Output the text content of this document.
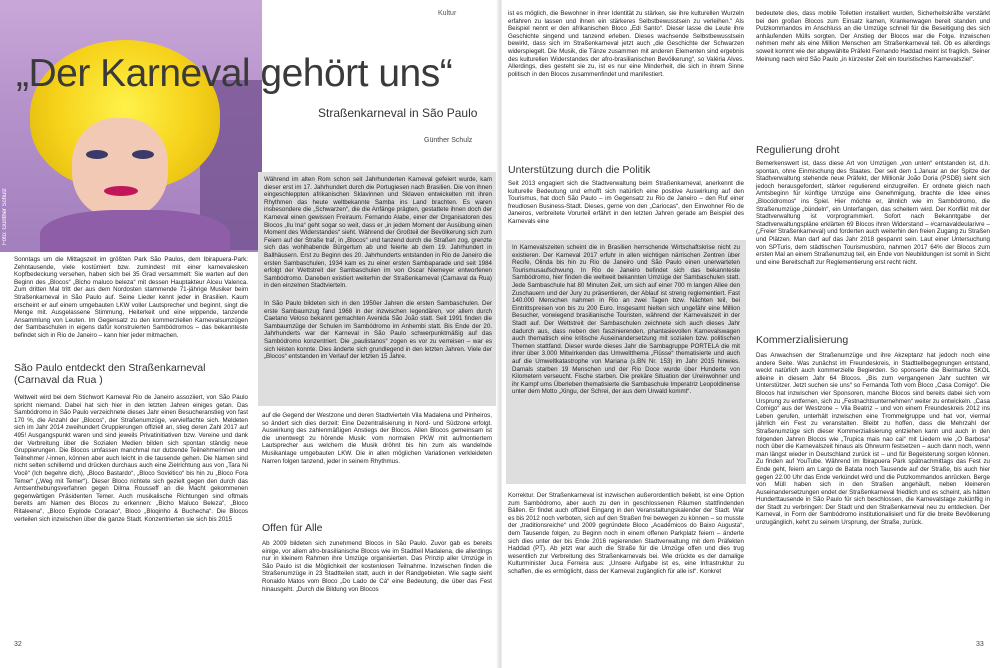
Foto: Günther Schulz
Kultur
„Der Karneval gehört uns“
Straßenkarneval in São Paulo
Günther Schulz

Sonntags um die Mittagszeit im größten Park São Paulos, dem Ibirapuera-Park: Zehntausende, viele kostümiert bzw. zumindest mit einer karnevalesken Kopfbedeckung versehen, haben sich bei 35 Grad versammelt: Sie warten auf den Beginn des „Blocos“ „Bicho maluco beleza“ mit dessen Hauptakteur Alceu Valenca. Zum dritten Mal tritt der aus dem Nordosten stammende 71-jährige Musiker beim Straßenkarneval in São Paulo auf. Seine Lieder kennt jeder in Brasilien. Kaum erscheint er auf einem umgebauten LKW voller Lautsprecher und beginnt, singt die Menge mit. Ausgelassene Stimmung, Heiterkeit und eine wippende, tanzende Ansammlung von Leuten. Im Gegensatz zu den kommerziellen Karnevalsumzügen der Sambaschulen in eigens dafür konstruierten Sambódromos – das bekannteste befindet sich in Rio de Janeiro – kann hier jeder mitmachen.

São Paulo entdeckt den Straßenkarneval (Carnaval da Rua )

Weltweit wird bei dem Stichwort Karneval Rio de Janeiro assoziiert, von São Paulo spricht niemand. Dabei hat sich hier in den letzten Jahren einiges getan. Das Sambódromo in São Paulo verzeichnete dieses Jahr einen Besucheranstieg von fast 170 %, die Anzahl der „Blocos“, der Straßenumzüge, vervielfachte sich. Meldeten sich im Jahr 2014 zweihundert Gruppierungen offiziell an, stieg deren Zahl 2017 auf 495! Ausgangspunkt waren und sind jeweils Privatinitiativen bzw. Vereine und dank der Verbreitung über die Sozialen Medien bilden sich spontan ständig neue Gruppierungen. Die Blocos umfassen manchmal nur dutzende Teilnehmerinnen und Teilnehmer /-innen, können aber auch leicht in die tausende gehen. Die Namen sind nicht selten schillernd und drücken durchaus auch eine Zielrichtung aus von „Tara Ni Você“ (Ich begehre dich), „Bloco Bastardo“, „Bloco Soviético“ bis hin zu „Bloco Fora Temer“ („Weg mit Temer“). Dieser Bloco richtete sich gezielt gegen den durch das Amtsenthebungsverfahren gegen Dilma Rousseff an die Macht gekommenen gegenwärtigen Präsidenten Temer. Auch musikalische Richtungen sind oftmals bereits am Namen des Blocos zu erkennen: „Bicho Maluco Beleza“, „Bloco Ritaleena“, „Bloco Explode Coracao“, Bloco „Bloqinho & Buchecha“. Die Blocos verteilen sich inzwischen über die ganze Stadt. Konzentrierten sie sich bis 2015

Während im alten Rom schon seit Jahrhunderten Karneval gefeiert wurde, kam dieser erst im 17. Jahrhundert durch die Portugiesen nach Brasilien. Die von ihnen eingeschleppten afrikanischen Sklavinnen und Sklaven entwickelten mit ihren Rhythmen das heute weltbekannte Samba ins Land brachten. Es waren insbesondere die „Schwarzen“, die die Anfänge prägten, gestattete ihnen doch der Karneval einen gewissen Freiraum. Fernando Alabe, einer der Organisatoren des Blocos „Ilu Ina“ geht sogar so weit, dass er „in jedem Moment der Ausübung einen Moment des Widerstandes“ sieht. Während der Großteil der Bevölkerung sich zum Feiern auf der Straße traf, in „Blocos“ und tanzend durch die Straßen zog, grenzte sich das wohlhabende Bürgertum ab und feierte ab dem 19. Jahrhundert in Ballhäusern. Erst zu Beginn des 20. Jahrhunderts entstanden in Rio de Janeiro die ersten Sambaschulen, 1934 kam es zu einer ersten Sambaparade und seit 1984 erfolgt der Wettstreit der Sambaschulen im von Oscar Niemeyer entworfenen Sambódromo. Daneben existiert weiterhin der Straßenkarneval (Carnaval da Rua) in den einzelnen Stadtvierteln.

In São Paulo bildeten sich in den 1950er Jahren die ersten Sambaschulen. Der erste Sambaumzug fand 1968 in der inzwischen legendären, vor allem durch Caetano Veloso bekannt gemachten Avenida São João statt. Seit 1991 finden die Sambaumzüge der Schulen im Sambódromo im Anhembi statt. Bis Ende der 20. Jahrhunderts war der Karneval in São Paulo schwerpunktmäßig auf das Sambódromo konzentriert. Die „paulistanos“ zogen es vor zu verreisen – war es sich leisten konnte. Dies änderte sich grundlegend in den letzten Jahren. Viele der „Blocos“ entstanden im Verlauf der letzten 15 Jahre.

auf die Gegend der Westzone und deren Stadtvierteln Vila Madalena und Pinheiros, so ändert sich dies derzeit: Eine Dezentralisierung in Nord- und Südzone erfolgt. Auswirkung des zahlenmäßigen Anstiegs der Blocos. Allen Blocos gemeinsam ist die unentwegt zu hörende Musik: vom normalen PKW mit aufmontiertem Lautsprecher aus welchem die Musik dröhnt bis hin zum als wandelnde Musikanlage umgebauten LKW. Die in allen möglichen Variationen verkleideten Narren folgen tanzend, jeder in seinem Rhythmus.

Offen für Alle

Ab 2009 bildeten sich zunehmend Blocos in São Paulo. Zuvor gab es bereits einige, vor allem afro-brasilianische Blocos wie im Stadtteil Madalena, die allerdings nur in kleinem Rahmen ihre Umzüge organisierten. Das Prinzip aller Umzüge in São Paulo ist die Möglichkeit der kostenlosen Teilnahme. Inzwischen finden die Straßenumzüge in 23 Stadtteilen statt, auch in der Randgebieten. Wie sagte sieht Ronaldo Matos vom Bloco „Do Lado de Cá“ eine Bedeutung, die über das Fest hinausgeht. „Durch die Bildung von Blocos

32

ist es möglich, die Bewohner in ihrer Identität zu stärken, sie ihre kulturellen Wurzeln erfahren zu lassen und ihnen ein stärkeres Selbstbewusstsein zu verleihen.“ Als Beispiel nennt er den afrikanischen Bloco „Edi Santo“. Dieser lasse die Leute ihre Geschichte singend und tanzend erleben. Dieses wachsende Selbstbewusstsein bewirkt, dass sich im Straßenkarneval jetzt auch „die Geschichte der Schwarzen widerspiegelt. Die Musik, die Tänze zusammen mit anderen Elementen sind ergebnis des kulturellen Widerstandes der afro-brasilianischen Bevölkerung“, so Valéria Alves. Allerdings, dies gesteht sie zu, ist es nur eine Minderheit, die sich in ihrem Sinne politisch in den Blocos zusammenfindet und manifestiert.

Unterstützung durch die Politik

Seit 2013 engagiert sich die Stadtverwaltung beim Straßenkarneval, anerkennt die kulturelle Bedeutung und erhofft sich natürlich eine positive Auswirkung auf den Tourismus, hat doch São Paulo – im Gegensatz zu Rio de Janeiro – den Ruf einer freudlosen Business-Stadt. Dieses, gerne von den „Cariocas“, den Einwohner Rio de Janeiros, verbreitete Vorurteil erfährt in den letzten Jahren gerade am Beispiel des Karnevals eine

In Karnevalszeiten scheint die in Brasilien herrschende Wirtschaftskrise nicht zu existieren. Der Karneval 2017 erfuhr in allen wichtigen närrischen Zentren über Recife, Olinda bis hin zu Rio de Janeiro und São Paulo einen unerwarteten Tourismusaufschwung. In Rio de Janeiro befindet sich das bekannteste Sambódromo, hier finden die weltweit bekannten Umzüge der Sambaschulen statt. Jede Sambaschule hat 80 Minuten Zeit, um sich auf einer 700 m langen Allee den Zuschauern und der Jury zu präsentieren, der Ablauf ist streng reglementiert. Fast 140.000 Menschen nahmen in Rio an zwei Tagen bzw. Nächten teil, bei Eintrittspreisen von bis zu 200 Euro. Insgesamt hielten sich ungefähr eine Million Besucher, vorwiegend brasilianische Touristen, während der Karnevalszeit in der Stadt auf. Der Wettstreit der Sambaschulen zeichnete sich auch dieses Jahr dadurch aus, dass neben den faszinierenden, phantasievollen Karnevalswagen auch thematisch eine kritische Auseinandersetzung mit sozialen bzw. politischen Themen stattfand. Dieser wurde dieses Jahr die Sambagruppe PORTELA die mit ihrer über 3.000 Mitwirkenden das Umweltthema „Flüsse“ thematisierte und auch auf die Umweltkatastrophe von Mariana (s.BN Nr. 153) im Jahr 2015 hinwies. Damals starben 19 Menschen und der Rio Doce wurde über Hunderte von Kilometern verseucht. Fische starben. Die prekäre Situation der Ureinwohner und ihr Kampf ums Überleben thematisierte die Sambaschule Imperatriz Leopoldinense unter dem Motto „Xingu, der Schrei, der aus dem Urwald kommt“.

Korrektur. Der Straßenkarneval ist inzwischen außerordentlich beliebt, ist eine Option zum Sambódromo, aber auch zu den in geschlossenen Räumen stattfindenden Bällen. Er findet auch offiziell Eingang in den Veranstaltungskalender der Stadt. War es bis 2012 noch verboten, sich auf den Straßen frei bewegen zu können – so musste der „traditionsreiche“ und 2009 gegründete Bloco „Acadêmicos do Baixo Augusta“, dem Tausende folgen, zu Beginn noch in einem offenen Parkplatz feiern – änderte sich dies unter der bis Ende 2016 regierenden Stadtverwaltung mit dem Präfekten Haddad (PT). Ab jetzt war auch die Straße für die Umzüge offen und dies trug wesentlich zur Verbreitung des Straßenkarnevals bei. Wie drückte es der damalige Kulturminister Juca Ferreira aus: „Unsere Aufgabe ist es, eine Infrastruktur zu schaffen, die es ermöglicht, dass der Karneval zugänglich für alle ist“. Konkret

bedeutete dies, dass mobile Toiletten installiert wurden, Sicherheitskräfte verstärkt bei den großen Blocos zum Einsatz kamen, Krankenwagen bereit standen und Putzkommandos im Anschluss an die Umzüge schnell für die Beseitigung des sich anhäufenden Mülls sorgten. Der Anstieg der Blocos war die Folge. Inzwischen nehmen mehr als eine Million Menschen am Straßenkarneval teil. Ob es allerdings soweit kommt wie der abgewählte Präfekt Fernando Haddad meint ist fraglich. Seiner Meinung nach wird São Paulo „in kürzester Zeit ein touristisches Karnevalsziel“.

Regulierung droht

Bemerkenswert ist, dass diese Art von Umzügen „von unten“ entstanden ist, d.h. spontan, ohne Einmischung des Staates. Der seit dem 1.Januar an der Spitze der Stadtverwaltung stehende neue Präfekt, der Millionär João Doria (PSDB) sieht sich jedoch herausgefordert, stärker regulierend einzugreifen. Er ordnete gleich nach Amtsbeginn für künftige Umzüge eine Genehmigung, brachte die Idee eines „Blocódromos“ ins Spiel. Hier möchte er, ähnlich wie im Sambódromo, die Straßenumzüge „bündeln“, ein Unterfangen, das scheitern wird. Der Konflikt mit der Stadtverwaltung ist vorprogrammiert. Sofort nach Bekanntgabe der Stadtverwaltungspläne erklärten 69 Blocos ihren Widerstand – #carnavaldeularivre – („Freier Straßenkarneval) und forderten auch weiterhin den freien Zugang zu Straßen und Plätzen. Man darf auf das Jahr 2018 gespannt sein. Laut einer Untersuchung von SPTuris, dem städtischen Tourismusbüro, nahmen 2017 64% der Blocos zum ersten Mal an einem Straßenumzug teil, ein Ende von Neubildungen ist somit in Sicht und eine Bereitschaft zur Reglementierung erst recht nicht.

Kommerzialisierung

Das Anwachsen der Straßenumzüge und ihre Akzeptanz hat jedoch noch eine andere Seite. Was zunächst im Freundeskreis, in Stadtteilbegegnungen entstand, weckt natürlich auch kommerzielle Begierden. So sponserte die Biermarke SKOL alleine in diesem Jahr 64 Blocos. „Bis zum vergangenen Jahr suchten wir Unterstützer. Jetzt suchen sie uns“ so Fernanda Toth vom Bloco „Casa Comigo“. Die Blocos hat inzwischen vier Sponsoren, manche Blocos sind bereits dabei sich vom Ursprung zu entfernen, sich zu „Festnachtsunternehmen“ weiter zu entwickeln. „Casa Comigo“ aus der Westzone – Vila Beatriz – und von einem Freundeskreis 2012 ins Leben gerufen, unterhält inzwischen eine Trommelgruppe und hat vor, viermal jährlich ein Fest zu veranstalten. Bleibt zu hoffen, dass die Mehrzahl der Straßenumzüge sich dieser Kommerzialisierung entziehen kann und auch in den folgenden Jahren Blocos wie „Trupica mais nao cai“ mit Liedern wie „O Barbosa“ noch über die Karnevalszeit hinaus als Ohrwurm festsetzen – auch dann noch, wenn man längst wieder in Deutschland zurück ist – und für Begeisterung sorgen können. Zu finden auf YouTube. Während im Ibirapuera Park spätnachmittags das Fest zu Ende geht, feiern am Largo de Batata noch Tausende auf der Straße, bis auch hier gegen 22.00 Uhr das Ende verkündet wird und die Putzkommandos anrücken. Berge von Müll haben sich in den Straßen angehäuft, neben kleineren Auseinandersetzungen endet der Straßenkarneval friedlich und es scheint, als hätten Hunderttausende in São Paulo für sich beschlossen, die Karnevalstage zukünftig in der Stadt zu verbringen: Der Stadt und den Straßenkarneval neu zu entdecken. Der Karneval, in Form der Sambódromo institutionalisiert und für die breite Bevölkerung unzugänglich, kehrt zu seinem Ursprung, der Straße, zurück.

33
